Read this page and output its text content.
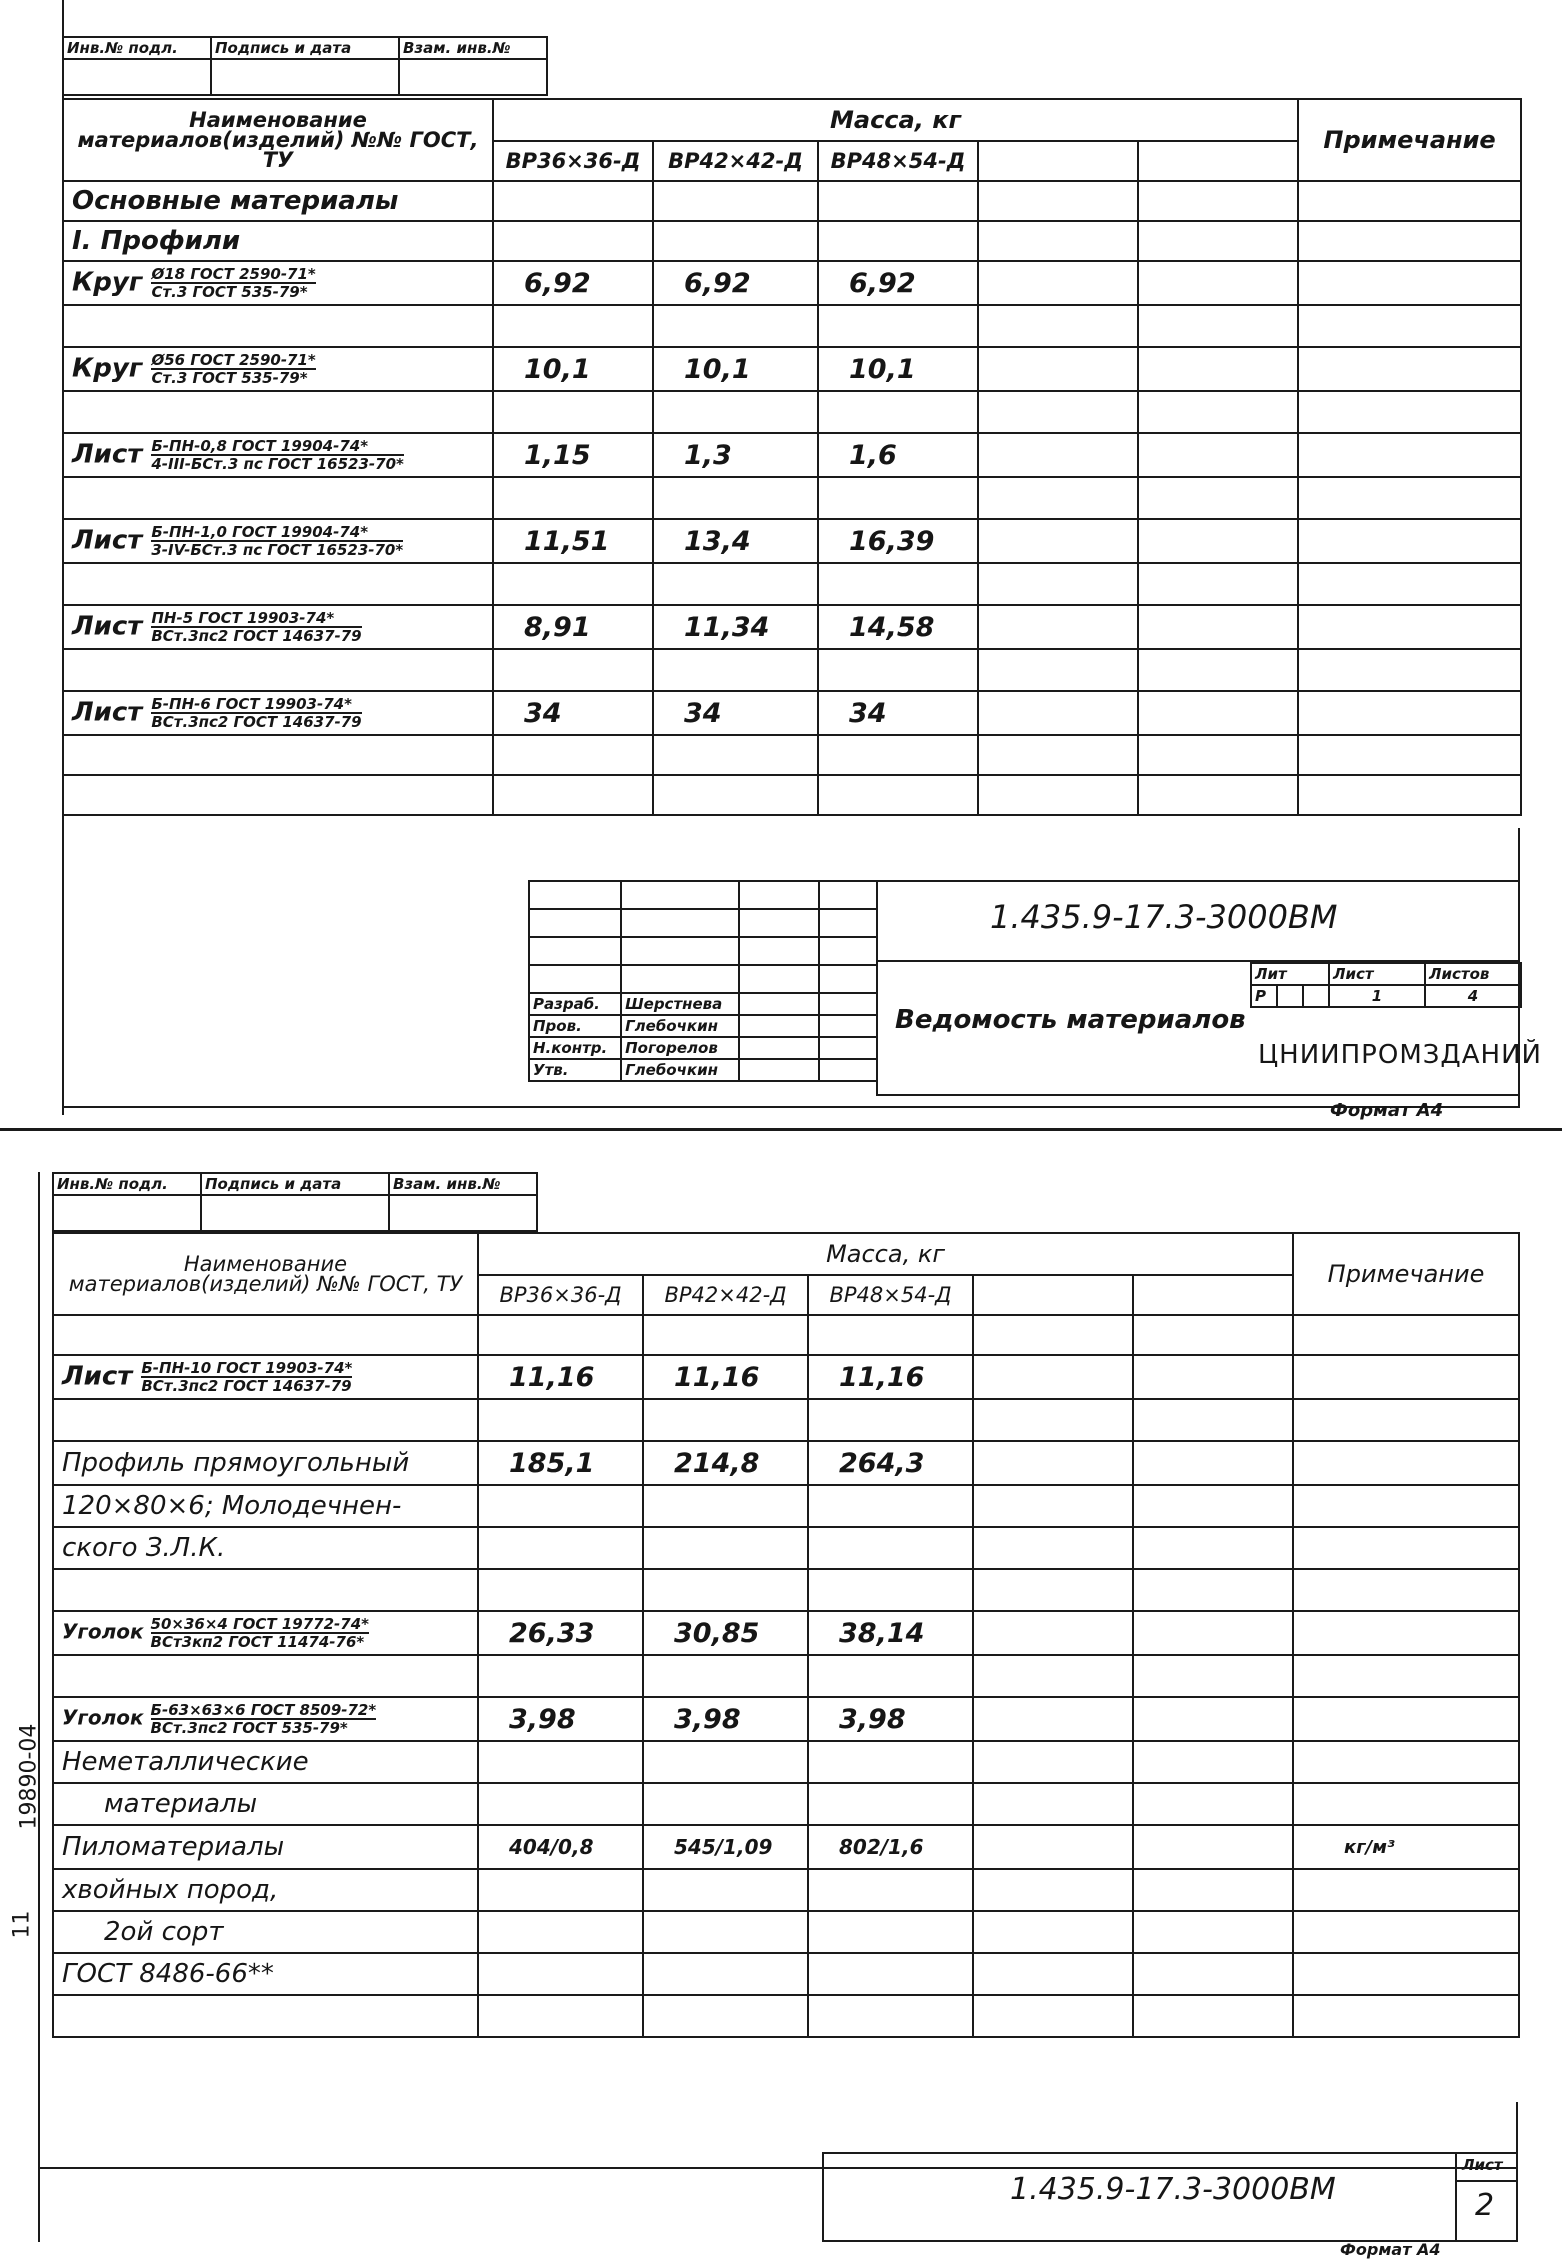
Инв.№ подл.	Подпись и дата	Взам. инв.№

Наименование материалов(изделий) №№ ГОСТ, ТУ	Масса, кг					Примечание
	ВР36×36-Д	ВР42×42-Д	ВР48×54-Д			
Основные материалы						
I. Профили						
Круг $\frac{\text{Ø18 ГОСТ 2590-71*}}{\text{Ст.3 ГОСТ 535-79*}}$	6,92	6,92	6,92			

Круг $\frac{\text{Ø56 ГОСТ 2590-71*}}{\text{Ст.3 ГОСТ 535-79*}}$	10,1	10,1	10,1			

Лист $\frac{\text{Б-ПН-0,8 ГОСТ 19904-74*}}{\text{4-III-БСт.3 пс ГОСТ 16523-70*}}$	1,15	1,3	1,6			

Лист $\frac{\text{Б-ПН-1,0 ГОСТ 19904-74*}}{\text{3-IV-БСт.3 пс ГОСТ 16523-70*}}$	11,51	13,4	16,39			

Лист $\frac{\text{ПН-5 ГОСТ 19903-74*}}{\text{ВСт.3пс2 ГОСТ 14637-79}}$	8,91	11,34	14,58			

Лист $\frac{\text{Б-ПН-6 ГОСТ 19903-74*}}{\text{ВСт.3пс2 ГОСТ 14637-79}}$	34	34	34			

Разраб.	Шерстнева		
Пров.	Глебочкин		
Н.контр.	Погорелов		
Утв.	Глебочкин		
1.435.9-17.3-3000ВМ
Ведомость материалов
Лит			Лист	Листов
Р			1	4
ЦНИИПРОМЗДАНИЙ
Формат А4
Инв.№ подл.	Подпись и дата	Взам. инв.№

Наименование материалов(изделий) №№ ГОСТ, ТУ	Масса, кг					Примечание
	ВР36×36-Д	ВР42×42-Д	ВР48×54-Д			

Лист $\frac{\text{Б-ПН-10 ГОСТ 19903-74*}}{\text{ВСт.3пс2 ГОСТ 14637-79}}$	11,16	11,16	11,16			

Профиль прямоугольный	185,1	214,8	264,3			
120×80×6; Молодечнен-						
ского З.Л.К.						

Уголок $\frac{\text{50×36×4 ГОСТ 19772-74*}}{\text{ВСт3кп2 ГОСТ 11474-76*}}$	26,33	30,85	38,14			

Уголок $\frac{\text{Б-63×63×6 ГОСТ 8509-72*}}{\text{ВСт.3пс2 ГОСТ 535-79*}}$	3,98	3,98	3,98			
Неметаллические						
материалы						
Пиломатериалы	404/0,8	545/1,09	802/1,6			кг/м³
хвойных пород,						
2ой сорт						
ГОСТ 8486-66**						

1.435.9-17.3-3000ВМ
Лист
2
Формат А4
19890-04
11
